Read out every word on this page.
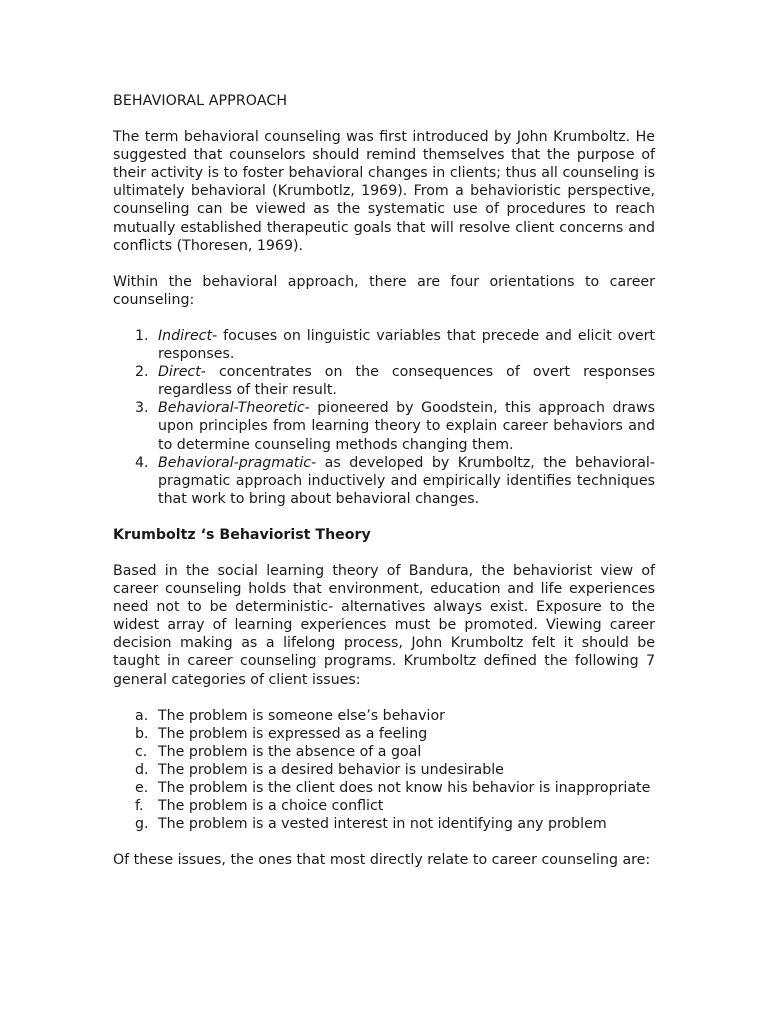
BEHAVIORAL APPROACH

The term behavioral counseling was first introduced by John Krumboltz. He suggested that counselors should remind themselves that the purpose of their activity is to foster behavioral changes in clients; thus all counseling is ultimately behavioral (Krumbotlz, 1969). From a behavioristic perspective, counseling can be viewed as the systematic use of procedures to reach mutually established therapeutic goals that will resolve client concerns and conflicts (Thoresen, 1969).

Within the behavioral approach, there are four orientations to career counseling:

1. Indirect- focuses on linguistic variables that precede and elicit overt responses.
2. Direct- concentrates on the consequences of overt responses regardless of their result.
3. Behavioral-Theoretic- pioneered by Goodstein, this approach draws upon principles from learning theory to explain career behaviors and to determine counseling methods changing them.
4. Behavioral-pragmatic- as developed by Krumboltz, the behavioral-pragmatic approach inductively and empirically identifies techniques that work to bring about behavioral changes.

Krumboltz ‘s Behaviorist Theory

Based in the social learning theory of Bandura, the behaviorist view of career counseling holds that environment, education and life experiences need not to be deterministic- alternatives always exist. Exposure to the widest array of learning experiences must be promoted. Viewing career decision making as a lifelong process, John Krumboltz felt it should be taught in career counseling programs. Krumboltz defined the following 7 general categories of client issues:

a. The problem is someone else’s behavior
b. The problem is expressed as a feeling
c. The problem is the absence of a goal
d. The problem is a desired behavior is undesirable
e. The problem is the client does not know his behavior is inappropriate
f. The problem is a choice conflict
g. The problem is a vested interest in not identifying any problem

Of these issues, the ones that most directly relate to career counseling are:
